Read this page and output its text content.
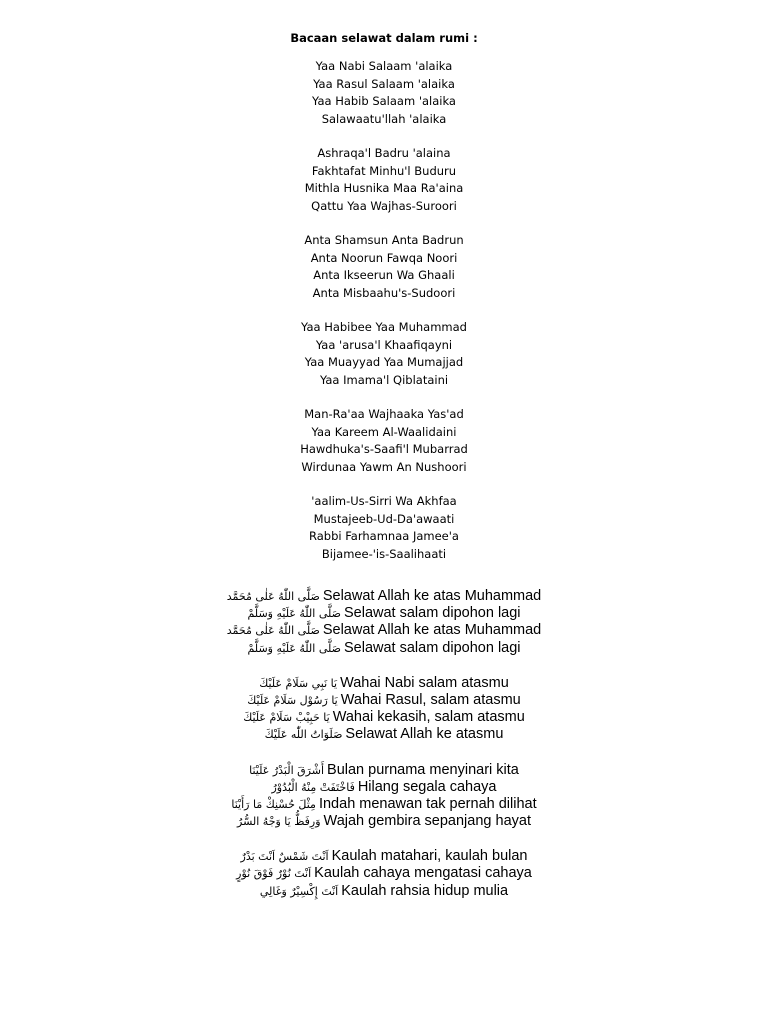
Bacaan selawat dalam rumi :
Yaa Nabi Salaam 'alaika
Yaa Rasul Salaam 'alaika
Yaa Habib Salaam 'alaika
Salawaatu'llah 'alaika
Ashraqa'l Badru 'alaina
Fakhtafat Minhu'l Buduru
Mithla Husnika Maa Ra'aina
Qattu Yaa Wajhas-Suroori
Anta Shamsun Anta Badrun
Anta Noorun Fawqa Noori
Anta Ikseerun Wa Ghaali
Anta Misbaahu's-Sudoori
Yaa Habibee Yaa Muhammad
Yaa 'arusa'l Khaafiqayni
Yaa Muayyad Yaa Mumajjad
Yaa Imama'l Qiblataini
Man-Ra'aa Wajhaaka Yas'ad
Yaa Kareem Al-Waalidaini
Hawdhuka's-Saafi'l Mubarrad
Wirdunaa Yawm An Nushoori
'aalim-Us-Sirri Wa Akhfaa
Mustajeeb-Ud-Da'awaati
Rabbi Farhamnaa Jamee'a
Bijamee-'is-Saalihaati
صَلَّى اللّٰهُ عَلٰى مُحَمَّد Selawat Allah ke atas Muhammad
صَلَّى اللّٰهُ عَلَيْهِ وَسَلَّمْ Selawat salam dipohon lagi
صَلَّى اللّٰهُ عَلٰى مُحَمَّد Selawat Allah ke atas Muhammad
صَلَّى اللّٰهُ عَلَيْهِ وَسَلَّمْ Selawat salam dipohon lagi
يَا نَبِي سَلَامْ عَلَيْكَ Wahai Nabi salam atasmu
يَا رَسُوْل سَلَامْ عَلَيْكَ Wahai Rasul, salam atasmu
يَا حَبِيْبْ سَلَامْ عَلَيْكَ Wahai kekasih, salam atasmu
صَلَوَاتُ اللّٰه عَلَيْكَ Selawat Allah ke atasmu
أَشْرَقَ الْبَدْرُ عَلَيْنَا Bulan purnama menyinari kita
فَاخْتَفَتْ مِنْهُ الْبُدُوْرُ Hilang segala cahaya
مِثْلَ حُسْنِكْ مَا رَأَيْنَا Indah menawan tak pernah dilihat
وَرِفَظُّ يَا وَجْهُ السُّرُ Wajah gembira sepanjang hayat
اَنْتَ شَمْسٌ اَنْتَ بَدْرٌ Kaulah matahari, kaulah bulan
اَنْتَ نُوْرٌ فَوْقَ نُوْرٍ Kaulah cahaya mengatasi cahaya
اَنْتَ إِكْسِيْرٌ وَغَالِي Kaulah rahsia hidup mulia
